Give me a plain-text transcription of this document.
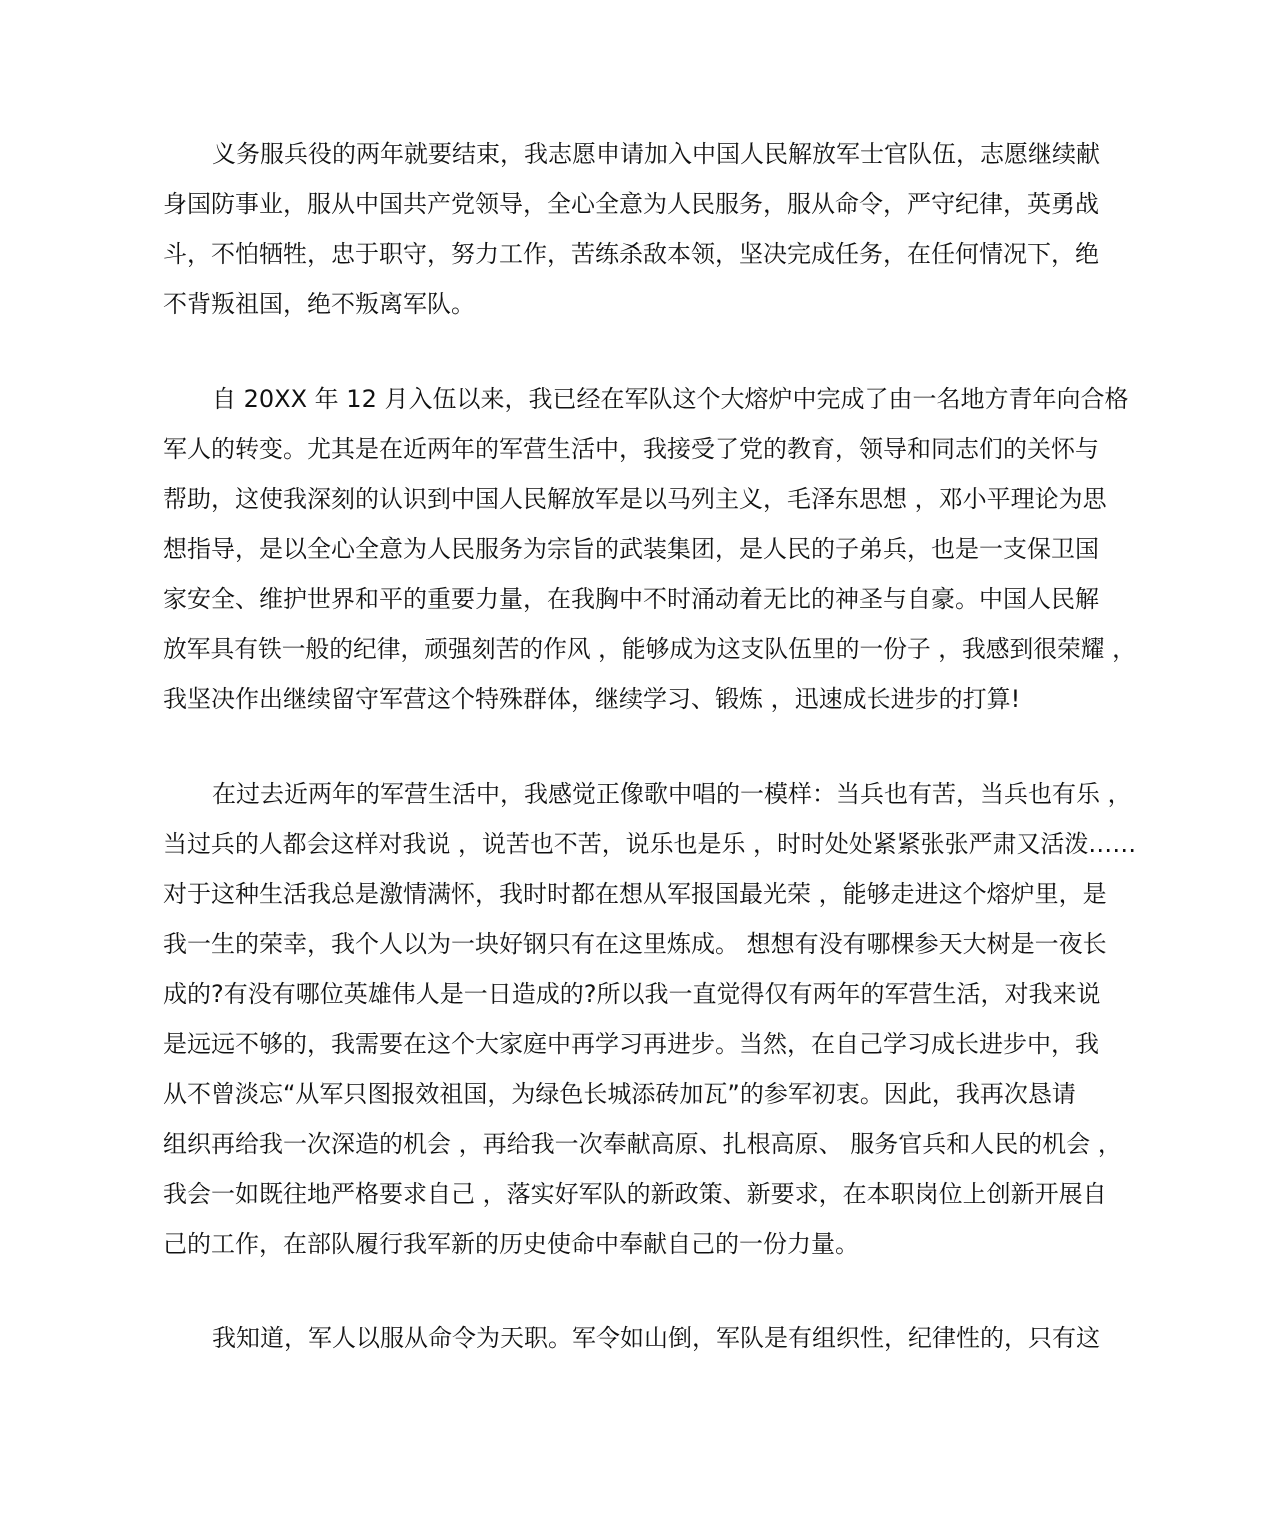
义务服兵役的两年就要结束，我志愿申请加入中国人民解放军士官队伍，志愿继续献
身国防事业，服从中国共产党领导，全心全意为人民服务，服从命令，严守纪律，英勇战
斗，不怕牺牲，忠于职守，努力工作，苦练杀敌本领，坚决完成任务，在任何情况下，绝
不背叛祖国，绝不叛离军队。
自 20XX 年 12 月入伍以来，我已经在军队这个大熔炉中完成了由一名地方青年向合格
军人的转变。尤其是在近两年的军营生活中，我接受了党的教育，领导和同志们的关怀与
帮助，这使我深刻的认识到中国人民解放军是以马列主义，毛泽东思想 ，邓小平理论为思
想指导，是以全心全意为人民服务为宗旨的武装集团，是人民的子弟兵，也是一支保卫国
家安全、维护世界和平的重要力量，在我胸中不时涌动着无比的神圣与自豪。中国人民解
放军具有铁一般的纪律，顽强刻苦的作风 ，能够成为这支队伍里的一份子 ，我感到很荣耀 ，
我坚决作出继续留守军营这个特殊群体，继续学习、锻炼 ，迅速成长进步的打算!
在过去近两年的军营生活中，我感觉正像歌中唱的一模样：当兵也有苦，当兵也有乐 ，
当过兵的人都会这样对我说 ，说苦也不苦，说乐也是乐 ，时时处处紧紧张张严肃又活泼……
对于这种生活我总是激情满怀，我时时都在想从军报国最光荣 ，能够走进这个熔炉里，是
我一生的荣幸，我个人以为一块好钢只有在这里炼成。 想想有没有哪棵参天大树是一夜长
成的?有没有哪位英雄伟人是一日造成的?所以我一直觉得仅有两年的军营生活，对我来说
是远远不够的，我需要在这个大家庭中再学习再进步。当然，在自己学习成长进步中，我
从不曾淡忘“从军只图报效祖国，为绿色长城添砖加瓦”的参军初衷。因此，我再次恳请
组织再给我一次深造的机会 ，再给我一次奉献高原、扎根高原、 服务官兵和人民的机会 ，
我会一如既往地严格要求自己 ，落实好军队的新政策、新要求，在本职岗位上创新开展自
己的工作，在部队履行我军新的历史使命中奉献自己的一份力量。
我知道，军人以服从命令为天职。军令如山倒，军队是有组织性，纪律性的，只有这
